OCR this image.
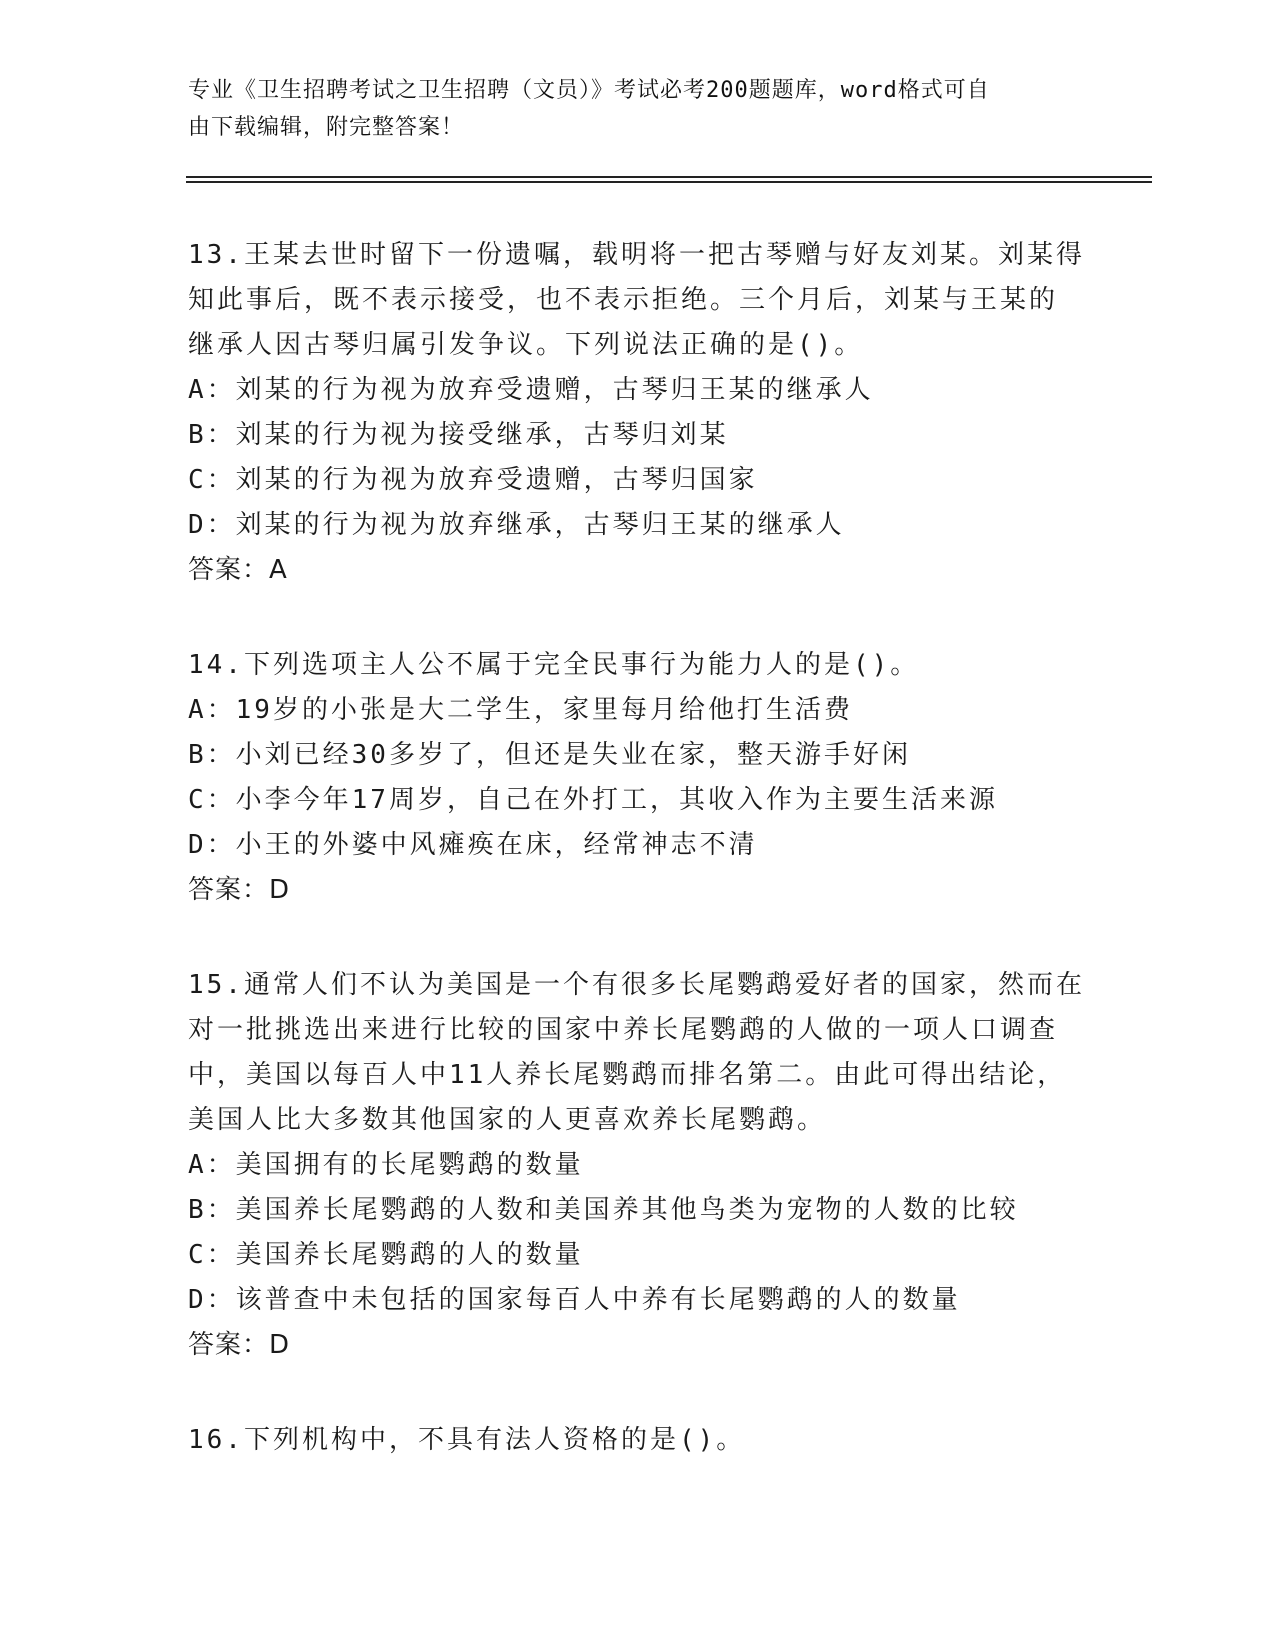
专业《卫生招聘考试之卫生招聘（文员）》考试必考200题题库，word格式可自
由下载编辑，附完整答案！

13.王某去世时留下一份遗嘱，载明将一把古琴赠与好友刘某。刘某得

知此事后，既不表示接受，也不表示拒绝。三个月后，刘某与王某的

继承人因古琴归属引发争议。下列说法正确的是()。

A：刘某的行为视为放弃受遗赠，古琴归王某的继承人

B：刘某的行为视为接受继承，古琴归刘某

C：刘某的行为视为放弃受遗赠，古琴归国家

D：刘某的行为视为放弃继承，古琴归王某的继承人

答案：A

14.下列选项主人公不属于完全民事行为能力人的是()。

A：19岁的小张是大二学生，家里每月给他打生活费

B：小刘已经30多岁了，但还是失业在家，整天游手好闲

C：小李今年17周岁，自己在外打工，其收入作为主要生活来源

D：小王的外婆中风瘫痪在床，经常神志不清

答案：D

15.通常人们不认为美国是一个有很多长尾鹦鹉爱好者的国家，然而在

对一批挑选出来进行比较的国家中养长尾鹦鹉的人做的一项人口调查

中，美国以每百人中11人养长尾鹦鹉而排名第二。由此可得出结论，

美国人比大多数其他国家的人更喜欢养长尾鹦鹉。

A：美国拥有的长尾鹦鹉的数量

B：美国养长尾鹦鹉的人数和美国养其他鸟类为宠物的人数的比较

C：美国养长尾鹦鹉的人的数量

D：该普查中未包括的国家每百人中养有长尾鹦鹉的人的数量

答案：D

16.下列机构中，不具有法人资格的是()。
